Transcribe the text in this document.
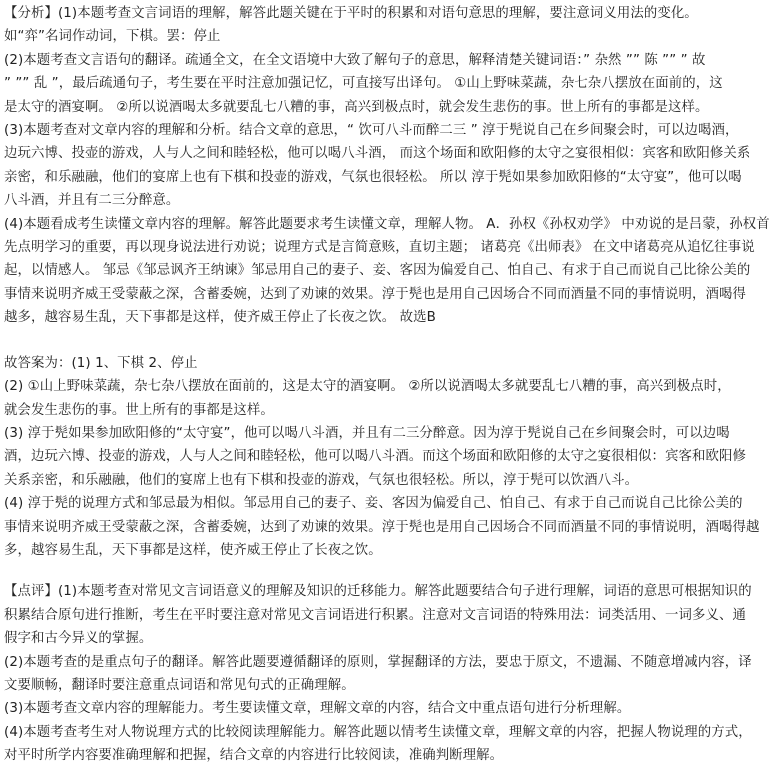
【分析】(1)本题考查文言词语的理解，解答此题关键在于平时的积累和对语句意思的理解，要注意词义用法的变化。
如“弈”名词作动词，下棋。罢：停止
(2)本题考查文言语句的翻译。疏通全文，在全文语境中大致了解句子的意思，解释清楚关键词语：” 杂然 ”” 陈 ”” ” 故
” ”” 乱 ”，最后疏通句子，考生要在平时注意加强记忆，可直接写出译句。 ①山上野味菜蔬，杂七杂八摆放在面前的，这
是太守的酒宴啊。 ②所以说酒喝太多就要乱七八糟的事，高兴到极点时，就会发生悲伤的事。世上所有的事都是这样。
(3)本题考查对文章内容的理解和分析。结合文章的意思，“ 饮可八斗而醉二三 ” 淳于髡说自己在乡间聚会时，可以边喝酒，
边玩六博、投壶的游戏，人与人之间和睦轻松，他可以喝八斗酒， 而这个场面和欧阳修的太守之宴很相似：宾客和欧阳修关系
亲密，和乐融融，他们的宴席上也有下棋和投壶的游戏，气氛也很轻松。 所以 淳于髡如果参加欧阳修的“太守宴”，他可以喝
八斗酒，并且有二三分醉意。
(4)本题看成考生读懂文章内容的理解。解答此题要求考生读懂文章，理解人物。 A．孙权《孙权劝学》 中劝说的是吕蒙，孙权首
先点明学习的重要，再以现身说法进行劝说；说理方式是言简意赅，直切主题； 诸葛亮《出师表》 在文中诸葛亮从追忆往事说
起，以情感人。 邹忌《邹忌讽齐王纳谏》邹忌用自己的妻子、妾、客因为偏爱自己、怕自己、有求于自己而说自己比徐公美的
事情来说明齐威王受蒙蔽之深，含蓄委婉，达到了劝谏的效果。淳于髡也是用自己因场合不同而酒量不同的事情说明，酒喝得
越多，越容易生乱，天下事都是这样，使齐威王停止了长夜之饮。 故选B
故答案为：(1) 1、下棋 2、停止
(2) ①山上野味菜蔬，杂七杂八摆放在面前的，这是太守的酒宴啊。 ②所以说酒喝太多就要乱七八糟的事，高兴到极点时，
就会发生悲伤的事。世上所有的事都是这样。
(3) 淳于髡如果参加欧阳修的“太守宴”，他可以喝八斗酒，并且有二三分醉意。因为淳于髡说自己在乡间聚会时，可以边喝
酒，边玩六博、投壶的游戏，人与人之间和睦轻松，他可以喝八斗酒。而这个场面和欧阳修的太守之宴很相似：宾客和欧阳修
关系亲密，和乐融融，他们的宴席上也有下棋和投壶的游戏，气氛也很轻松。所以，淳于髡可以饮酒八斗。
(4) 淳于髡的说理方式和邹忌最为相似。邹忌用自己的妻子、妾、客因为偏爱自己、怕自己、有求于自己而说自己比徐公美的
事情来说明齐威王受蒙蔽之深，含蓄委婉，达到了劝谏的效果。淳于髡也是用自己因场合不同而酒量不同的事情说明，酒喝得越
多，越容易生乱，天下事都是这样，使齐威王停止了长夜之饮。
【点评】(1)本题考查对常见文言词语意义的理解及知识的迁移能力。解答此题要结合句子进行理解，词语的意思可根据知识的
积累结合原句进行推断，考生在平时要注意对常见文言词语进行积累。注意对文言词语的特殊用法：词类活用、一词多义、通
假字和古今异义的掌握。
(2)本题考查的是重点句子的翻译。解答此题要遵循翻译的原则，掌握翻译的方法，要忠于原文，不遗漏、不随意增减内容，译
文要顺畅，翻译时要注意重点词语和常见句式的正确理解。
(3)本题考查文章内容的理解能力。考生要读懂文章，理解文章的内容，结合文中重点语句进行分析理解。
(4)本题考查考生对人物说理方式的比较阅读理解能力。解答此题以情考生读懂文章，理解文章的内容，把握人物说理的方式，
对平时所学内容要准确理解和把握，结合文章的内容进行比较阅读，准确判断理解。
